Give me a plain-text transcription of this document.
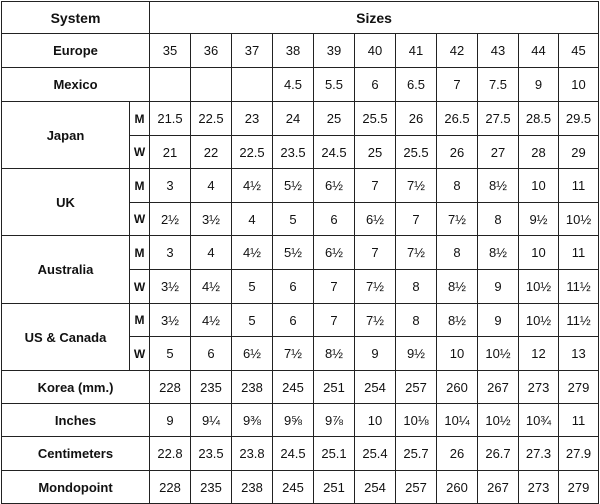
System		Sizes										
Europe		35	36	37	38	39	40	41	42	43	44	45
Mexico					4.5	5.5	6	6.5	7	7.5	9	10
Japan	M	21.5	22.5	23	24	25	25.5	26	26.5	27.5	28.5	29.5
	W	21	22	22.5	23.5	24.5	25	25.5	26	27	28	29
UK	M	3	4	4½	5½	6½	7	7½	8	8½	10	11
	W	2½	3½	4	5	6	6½	7	7½	8	9½	10½
Australia	M	3	4	4½	5½	6½	7	7½	8	8½	10	11
	W	3½	4½	5	6	7	7½	8	8½	9	10½	11½
US & Canada	M	3½	4½	5	6	7	7½	8	8½	9	10½	11½
	W	5	6	6½	7½	8½	9	9½	10	10½	12	13
Korea (mm.)		228	235	238	245	251	254	257	260	267	273	279
Inches		9	9¼	9⅜	9⅝	9⅞	10	10⅛	10¼	10½	10¾	11
Centimeters		22.8	23.5	23.8	24.5	25.1	25.4	25.7	26	26.7	27.3	27.9
Mondopoint		228	235	238	245	251	254	257	260	267	273	279
